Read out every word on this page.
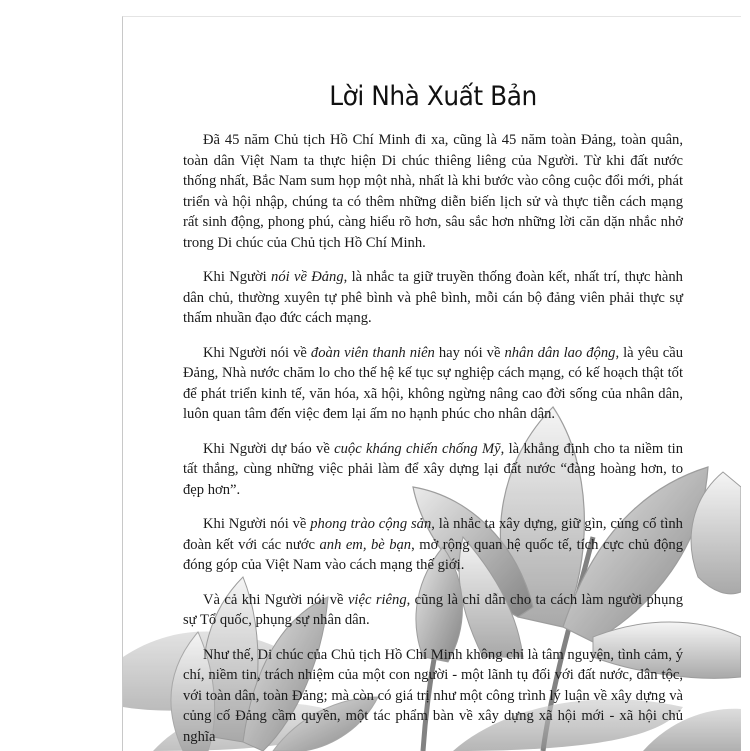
Lời Nhà Xuất Bản

Đã 45 năm Chủ tịch Hồ Chí Minh đi xa, cũng là 45 năm toàn Đảng, toàn quân, toàn dân Việt Nam ta thực hiện Di chúc thiêng liêng của Người. Từ khi đất nước thống nhất, Bắc Nam sum họp một nhà, nhất là khi bước vào công cuộc đổi mới, phát triển và hội nhập, chúng ta có thêm những diễn biến lịch sử và thực tiễn cách mạng rất sinh động, phong phú, càng hiểu rõ hơn, sâu sắc hơn những lời căn dặn nhắc nhở trong Di chúc của Chủ tịch Hồ Chí Minh.

Khi Người nói về Đảng, là nhắc ta giữ truyền thống đoàn kết, nhất trí, thực hành dân chủ, thường xuyên tự phê bình và phê bình, mỗi cán bộ đảng viên phải thực sự thấm nhuần đạo đức cách mạng.

Khi Người nói về đoàn viên thanh niên hay nói về nhân dân lao động, là yêu cầu Đảng, Nhà nước chăm lo cho thế hệ kế tục sự nghiệp cách mạng, có kế hoạch thật tốt để phát triển kinh tế, văn hóa, xã hội, không ngừng nâng cao đời sống của nhân dân, luôn quan tâm đến việc đem lại ấm no hạnh phúc cho nhân dân.

Khi Người dự báo về cuộc kháng chiến chống Mỹ, là khẳng định cho ta niềm tin tất thắng, cùng những việc phải làm để xây dựng lại đất nước “đàng hoàng hơn, to đẹp hơn”.

Khi Người nói về phong trào cộng sản, là nhắc ta xây dựng, giữ gìn, củng cố tình đoàn kết với các nước anh em, bè bạn, mở rộng quan hệ quốc tế, tích cực chủ động đóng góp của Việt Nam vào cách mạng thế giới.

Và cả khi Người nói về việc riêng, cũng là chỉ dẫn cho ta cách làm người phụng sự Tổ quốc, phụng sự nhân dân.

Như thế, Di chúc của Chủ tịch Hồ Chí Minh không chỉ là tâm nguyện, tình cảm, ý chí, niềm tin, trách nhiệm của một con người - một lãnh tụ đối với đất nước, dân tộc, với toàn dân, toàn Đảng; mà còn có giá trị như một công trình lý luận về xây dựng và củng cố Đảng cầm quyền, một tác phẩm bàn về xây dựng xã hội mới - xã hội chủ nghĩa
